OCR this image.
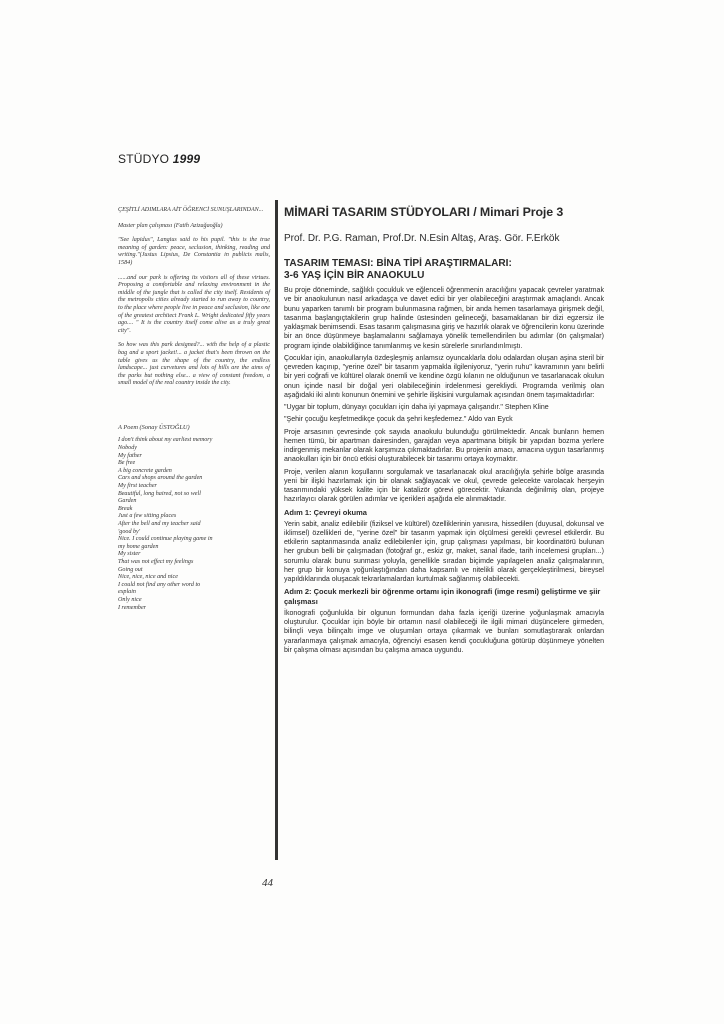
STÜDYO 1999

ÇEŞİTLİ ADIMLARA AİT ÖĞRENCİ SUNUŞLARINDAN...

Master plan çalışması (Fatih Azizağaoğlu)

"See lapidus", Langius said to his pupil. "this is the true meaning of garden: peace, seclusion, thinking, reading and writing."(Justus Lipsius, De Constantia in publicis malis, 1584)

......and our park is offering its visitors all of these virtues. Proposing a comfortable and relaxing environment in the middle of the jungle that is called the city itself. Residents of the metropolis cities already started to run away to country, to the place where people live in peace and seclusion, like one of the greatest architect Frank L. Wright dedicated fifty years ago.... " It is the country itself come alive as a truly great city".

So how was this park designed?... with the help of a plastic bag and a sport jacket!... a jacket that's been thrown on the table gives us the shape of the country, the endless landscape... just curvetures and lots of hills are the aims of the parks but nothing else... a view of constant freedom, a small model of the real country inside the city.

A Poem (Sonay ÜSTOĞLU)

I don't think about my earliest memory
Nobody
My father
Be free
A big concrete garden
Cars and shops around the garden
My first teacher
Beautiful, long haired, not so well
Garden
Break
Just a few sitting places
After the bell and my teacher said
'good by'
Nice. I could continue playing game in
my home garden
My sister
That was not effect my feelings
Going out
Nice, nice, nice and nice
I could not find any other word to
explain
Only nice
I remember
MİMARİ TASARIM STÜDYOLARI / Mimari Proje 3
Prof. Dr. P.G. Raman, Prof.Dr. N.Esin Altaş, Araş. Gör. F.Erkök
TASARIM TEMASI: BİNA TİPİ ARAŞTIRMALARI:
3-6 YAŞ İÇİN BİR ANAOKULU

Bu proje döneminde, sağlıklı çocukluk ve eğlenceli öğrenmenin aracılığını yapacak çevreler yaratmak ve bir anaokulunun nasıl arkadaşça ve davet edici bir yer olabileceğini araştırmak amaçlandı. Ancak bunu yaparken tanımlı bir program bulunmasına rağmen, bir anda hemen tasarlamaya girişmek değil, tasarıma başlangıçtakilerin grup halinde üstesinden gelineceği, basamaklanan bir dizi egzersiz ile yaklaşmak benimsendi. Esas tasarım çalışmasına giriş ve hazırlık olarak ve öğrencilerin konu üzerinde bir an önce düşünmeye başlamalarını sağlamaya yönelik temellendirilen bu adımlar (ön çalışmalar) program içinde olabildiğince tanımlanmış ve kesin sürelerle sınırlandırılmıştı.

Çocuklar için, anaokullarıyla özdeşleşmiş anlamsız oyuncaklarla dolu odalardan oluşan aşina steril bir çevreden kaçınıp, "yerine özel" bir tasarım yapmakla ilgileniyoruz, "yerin ruhu" kavramının yanı belirli bir yeri coğrafi ve kültürel olarak önemli ve kendine özgü kılanın ne olduğunun ve tasarlanacak okulun onun içinde nasıl bir doğal yeri olabileceğinin irdelenmesi gerekliydi. Programda verilmiş olan aşağıdaki iki alıntı konunun önemini ve şehirle ilişkisini vurgulamak açısından önem taşımaktadırlar:

"Uygar bir toplum, dünyayı çocukları için daha iyi yapmaya çalışandır." Stephen Kline

"Şehir çocuğu keşfetmedikçe çocuk da şehri keşfedemez." Aldo van Eyck

Proje arsasının çevresinde çok sayıda anaokulu bulunduğu görülmektedir. Ancak bunların hemen hemen tümü, bir apartman dairesinden, garajdan veya apartmana bitişik bir yapıdan bozma yerlere indirgenmiş mekanlar olarak karşımıza çıkmaktadırlar. Bu projenin amacı, amacına uygun tasarlanmış anaokulları için bir öncü etkisi oluşturabilecek bir tasarımı ortaya koymaktır.

Proje, verilen alanın koşullarını sorgulamak ve tasarlanacak okul aracılığıyla şehirle bölge arasında yeni bir ilişki hazırlamak için bir olanak sağlayacak ve okul, çevrede gelecekte varolacak herşeyin tasarımındaki yüksek kalite için bir katalizör görevi görecektir. Yukarıda değinilmiş olan, projeye hazırlayıcı olarak görülen adımlar ve içerikleri aşağıda ele alınmaktadır.

Adım 1: Çevreyi okuma

Yerin sabit, analiz edilebilir (fiziksel ve kültürel) özelliklerinin yanısıra, hissedilen (duyusal, dokunsal ve iklimsel) özellikleri de, "yerine özel" bir tasarım yapmak için ölçülmesi gerekli çevresel etkilerdir. Bu etkilerin saptanmasında analiz edilebilenler için, grup çalışması yapılması, bir koordinatörü bulunan her grubun belli bir çalışmadan (fotoğraf gr., eskiz gr, maket, sanal ifade, tarih incelemesi grupları...) sorumlu olarak bunu sunması yoluyla, genellikle sıradan biçimde yapılageIen analiz çalışmalarının, her grup bir konuya yoğunlaştığından daha kapsamlı ve nitelikli olarak gerçekleştirilmesi, bireysel yapıldıklarında oluşacak tekrarlamalardan kurtulmak sağlanmış olabilecekti.

Adım 2: Çocuk merkezli bir öğrenme ortamı için ikonografi (imge resmi) geliştirme ve şiir çalışması

İkonografi çoğunlukla bir olgunun formundan daha fazla içeriği üzerine yoğunlaşmak amacıyla oluşturulur. Çocuklar için böyle bir ortamın nasıl olabileceği ile ilgili mimari düşüncelere girmeden, bilinçli veya bilinçaltı imge ve oluşumları ortaya çıkarmak ve bunları somutlaştırarak onlardan yararlanmaya çalışmak amacıyla, öğrenciyi esasen kendi çocukluğuna götürüp düşünmeye yönelten bir çalışma olması açısından bu çalışma amaca uygundu.

44
